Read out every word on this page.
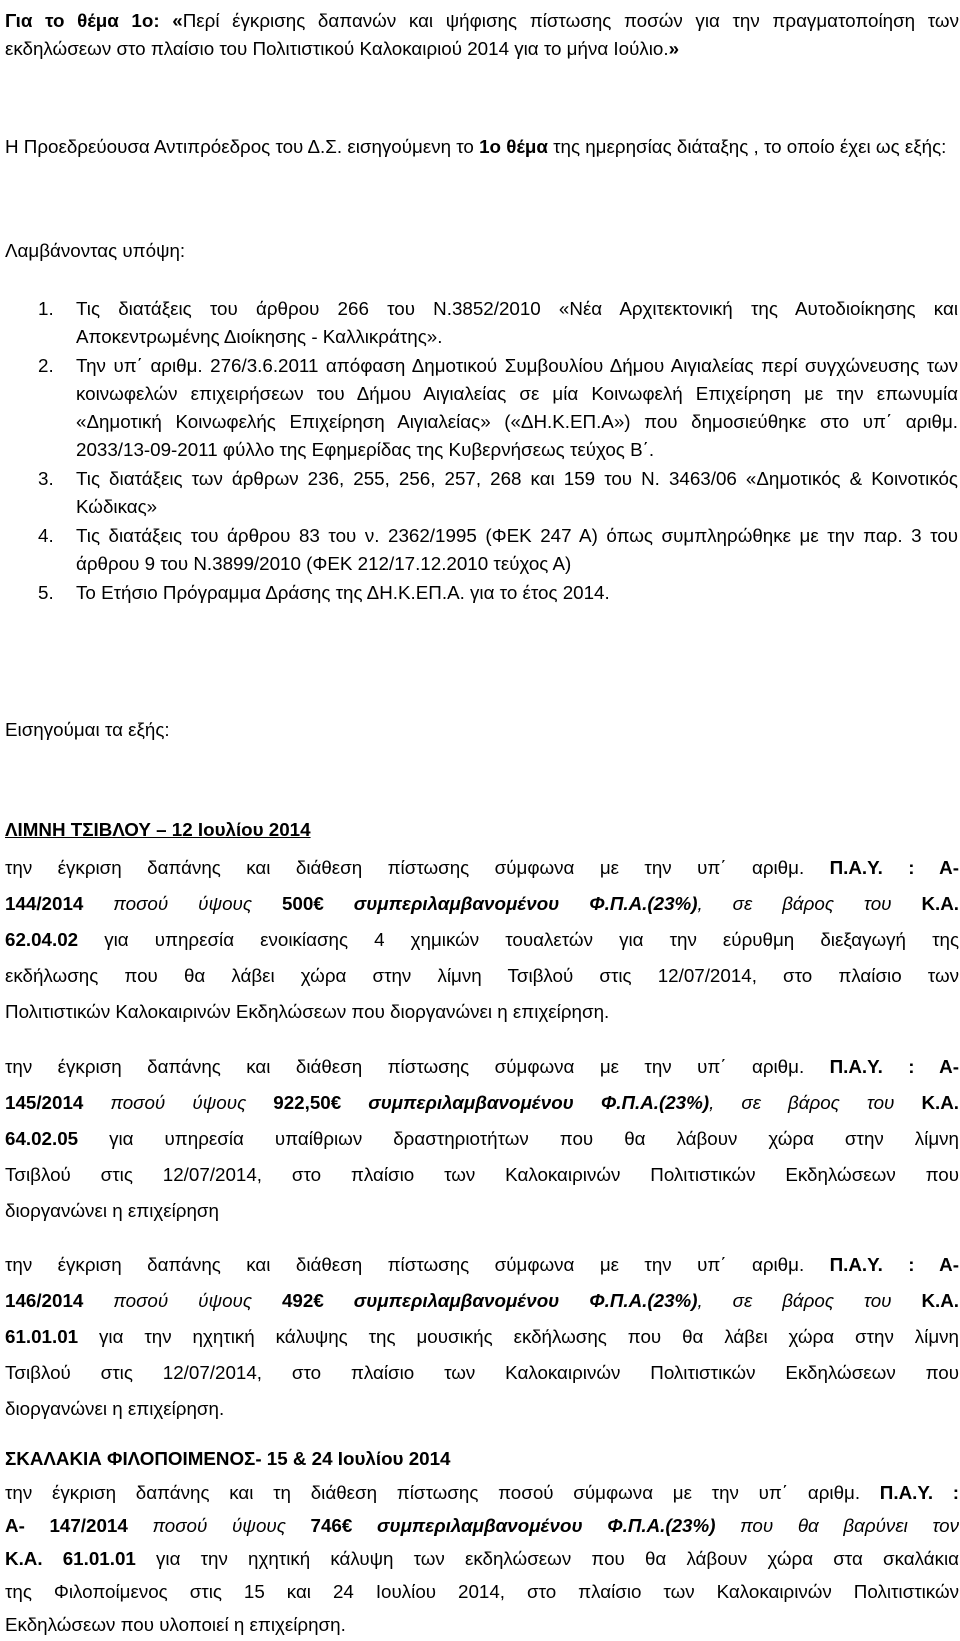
Για το θέμα 1ο: «Περί έγκρισης δαπανών και ψήφισης πίστωσης ποσών για την πραγματοποίηση των εκδηλώσεων στο πλαίσιο του Πολιτιστικού Καλοκαιριού 2014 για το μήνα Ιούλιο.»
Η Προεδρεύουσα Αντιπρόεδρος του Δ.Σ. εισηγούμενη το 1ο θέμα της ημερησίας διάταξης , το οποίο έχει ως εξής:
Λαμβάνοντας υπόψη:
1. Τις διατάξεις του άρθρου 266 του Ν.3852/2010 «Νέα Αρχιτεκτονική της Αυτοδιοίκησης και Αποκεντρωμένης Διοίκησης - Καλλικράτης».
2. Την υπ΄ αριθμ. 276/3.6.2011 απόφαση Δημοτικού Συμβουλίου Δήμου Αιγιαλείας περί συγχώνευσης των κοινωφελών επιχειρήσεων του Δήμου Αιγιαλείας σε μία Κοινωφελή Επιχείρηση με την επωνυμία «Δημοτική Κοινωφελής Επιχείρηση Αιγιαλείας» («ΔΗ.Κ.ΕΠ.Α») που δημοσιεύθηκε στο υπ΄ αριθμ. 2033/13-09-2011 φύλλο της Εφημερίδας της Κυβερνήσεως τεύχος Β΄.
3. Τις διατάξεις των άρθρων 236, 255, 256, 257, 268 και 159 του Ν. 3463/06 «Δημοτικός & Κοινοτικός Κώδικας»
4. Τις διατάξεις του άρθρου 83 του ν. 2362/1995 (ΦΕΚ 247 Α) όπως συμπληρώθηκε με την παρ. 3 του άρθρου 9 του Ν.3899/2010 (ΦΕΚ 212/17.12.2010 τεύχος Α)
5. Το Ετήσιο Πρόγραμμα Δράσης της ΔΗ.Κ.ΕΠ.Α. για το έτος 2014.
Εισηγούμαι τα εξής:
ΛΙΜΝΗ ΤΣΙΒΛΟΥ – 12 Ιουλίου 2014
την έγκριση δαπάνης και διάθεση πίστωσης σύμφωνα με την υπ΄ αριθμ. Π.Α.Υ. : Α-
144/2014 ποσού ύψους 500€ συμπεριλαμβανομένου Φ.Π.Α.(23%), σε βάρος του Κ.Α.
62.04.02 για υπηρεσία ενοικίασης 4 χημικών τουαλετών για την εύρυθμη διεξαγωγή της
εκδήλωσης που θα λάβει χώρα στην λίμνη Τσιβλού στις 12/07/2014, στο πλαίσιο των
Πολιτιστικών Καλοκαιρινών Εκδηλώσεων που διοργανώνει η επιχείρηση.
την έγκριση δαπάνης και διάθεση πίστωσης σύμφωνα με την υπ΄ αριθμ. Π.Α.Υ. : Α-
145/2014 ποσού ύψους 922,50€ συμπεριλαμβανομένου Φ.Π.Α.(23%), σε βάρος του Κ.Α.
64.02.05 για υπηρεσία υπαίθριων δραστηριοτήτων που θα λάβουν χώρα στην λίμνη
Τσιβλού στις 12/07/2014, στο πλαίσιο των Καλοκαιρινών Πολιτιστικών Εκδηλώσεων που
διοργανώνει η επιχείρηση
την έγκριση δαπάνης και διάθεση πίστωσης σύμφωνα με την υπ΄ αριθμ. Π.Α.Υ. : Α-
146/2014 ποσού ύψους 492€ συμπεριλαμβανομένου Φ.Π.Α.(23%), σε βάρος του Κ.Α.
61.01.01 για την ηχητική κάλυψης της μουσικής εκδήλωσης που θα λάβει χώρα στην λίμνη
Τσιβλού στις 12/07/2014, στο πλαίσιο των Καλοκαιρινών Πολιτιστικών Εκδηλώσεων που
διοργανώνει η επιχείρηση.
ΣΚΑΛΑΚΙΑ ΦΙΛΟΠΟΙΜΕΝΟΣ- 15 & 24 Ιουλίου 2014
την έγκριση δαπάνης και τη διάθεση πίστωσης ποσού σύμφωνα με την υπ΄ αριθμ. Π.Α.Υ. :
Α- 147/2014 ποσού ύψους 746€ συμπεριλαμβανομένου Φ.Π.Α.(23%) που θα βαρύνει τον
Κ.Α. 61.01.01 για την ηχητική κάλυψη των εκδηλώσεων που θα λάβουν χώρα στα σκαλάκια
της Φιλοποίμενος στις 15 και 24 Ιουλίου 2014, στο πλαίσιο των Καλοκαιρινών Πολιτιστικών
Εκδηλώσεων που υλοποιεί η επιχείρηση.
